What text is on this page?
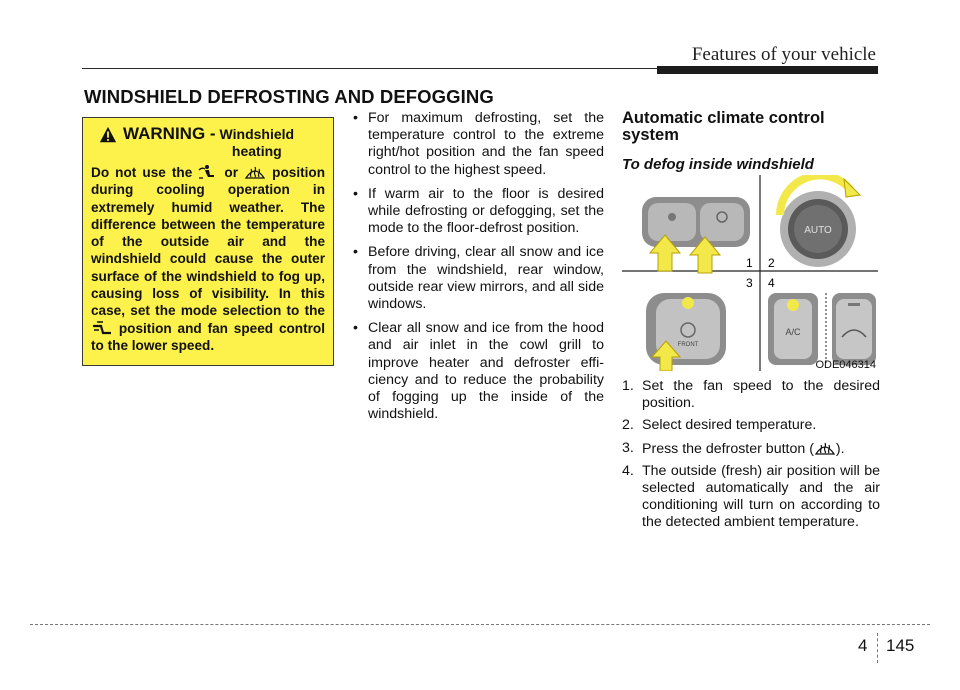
Features of your vehicle
WINDSHIELD DEFROSTING AND DEFOGGING
WARNING - Windshield
heating
Do not use the  or  position during cooling operation in extremely humid weather. The difference between the temperature of the outside air and the windshield could cause the outer surface of the windshield to fog up, causing loss of visibility. In this case, set the mode selection to the  position and fan speed control to the lower speed.

• For maximum defrosting, set the temperature control to the extreme right/hot position and the fan speed control to the highest speed.

• If warm air to the floor is desired while defrosting or defogging, set the mode to the floor-defrost position.

• Before driving, clear all snow and ice from the windshield, rear window, outside rear view mirrors, and all side windows.

• Clear all snow and ice from the hood and air inlet in the cowl grill to improve heater and defroster efficiency and to reduce the probability of fogging up the inside of the windshield.

Automatic climate control system
To defog inside windshield
AUTO
1 2
3 4
FRONT
A/C
ODE046314
1. Set the fan speed to the desired position.
2. Select desired temperature.
3. Press the defroster button ( ).
4. The outside (fresh) air position will be selected automatically and the air conditioning will turn on according to the detected ambient temperature.
4 145
